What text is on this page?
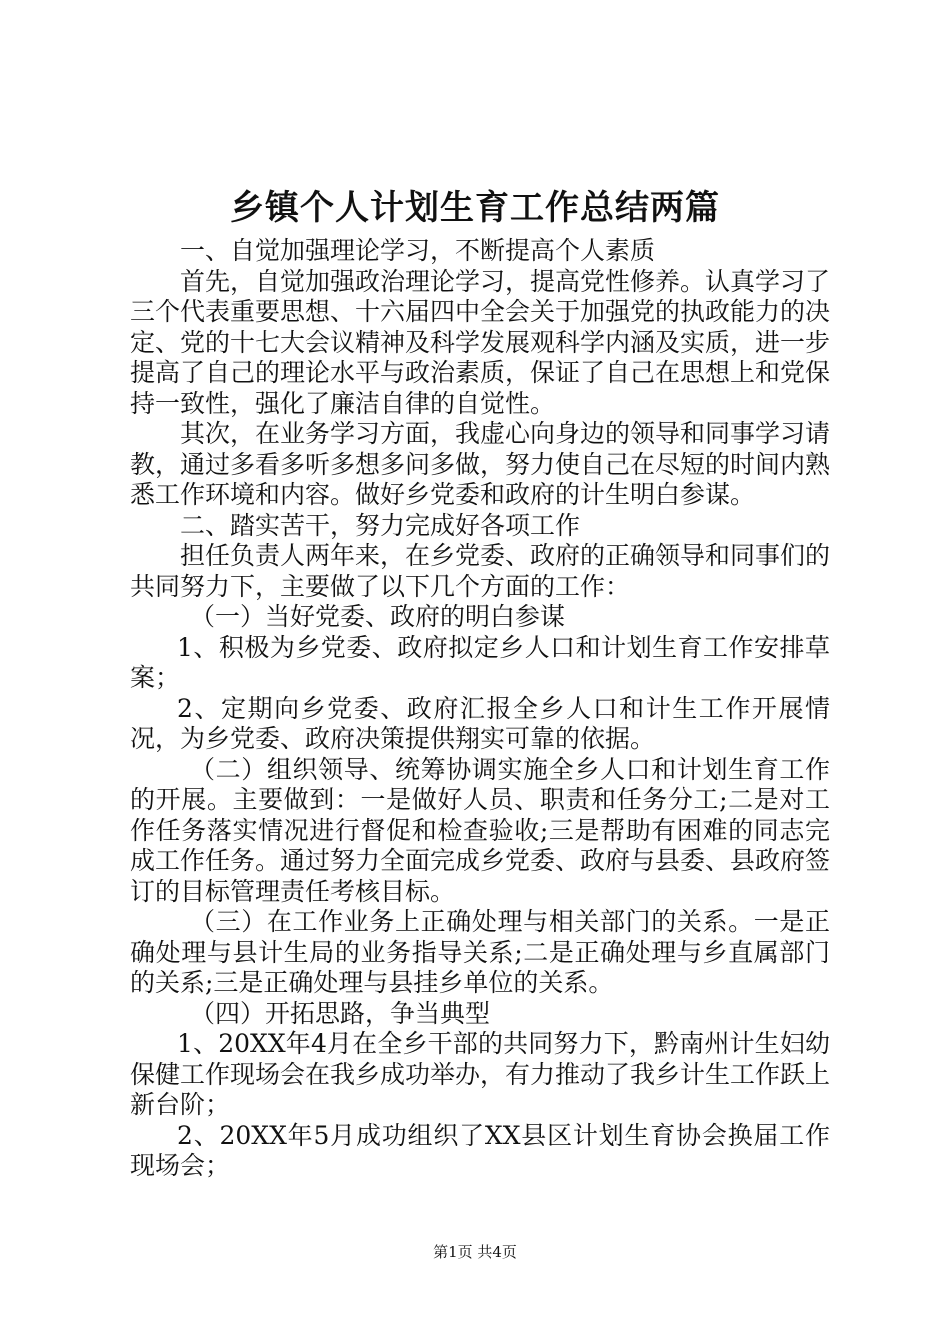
乡镇个人计划生育工作总结两篇

一、自觉加强理论学习，不断提高个人素质

首先，自觉加强政治理论学习，提高党性修养。认真学习了三个代表重要思想、十六届四中全会关于加强党的执政能力的决定、党的十七大会议精神及科学发展观科学内涵及实质，进一步提高了自己的理论水平与政治素质，保证了自己在思想上和党保持一致性，强化了廉洁自律的自觉性。

其次，在业务学习方面，我虚心向身边的领导和同事学习请教，通过多看多听多想多问多做，努力使自己在尽短的时间内熟悉工作环境和内容。做好乡党委和政府的计生明白参谋。

二、踏实苦干，努力完成好各项工作

担任负责人两年来，在乡党委、政府的正确领导和同事们的共同努力下，主要做了以下几个方面的工作：

（一）当好党委、政府的明白参谋

1、积极为乡党委、政府拟定乡人口和计划生育工作安排草案；

2、定期向乡党委、政府汇报全乡人口和计生工作开展情况，为乡党委、政府决策提供翔实可靠的依据。

（二）组织领导、统筹协调实施全乡人口和计划生育工作的开展。主要做到：一是做好人员、职责和任务分工;二是对工作任务落实情况进行督促和检查验收;三是帮助有困难的同志完成工作任务。通过努力全面完成乡党委、政府与县委、县政府签订的目标管理责任考核目标。

（三）在工作业务上正确处理与相关部门的关系。一是正确处理与县计生局的业务指导关系;二是正确处理与乡直属部门的关系;三是正确处理与县挂乡单位的关系。

（四）开拓思路，争当典型

1、20XX年4月在全乡干部的共同努力下，黔南州计生妇幼保健工作现场会在我乡成功举办，有力推动了我乡计生工作跃上新台阶；

2、20XX年5月成功组织了XX县区计划生育协会换届工作现场会；

第1页 共4页
